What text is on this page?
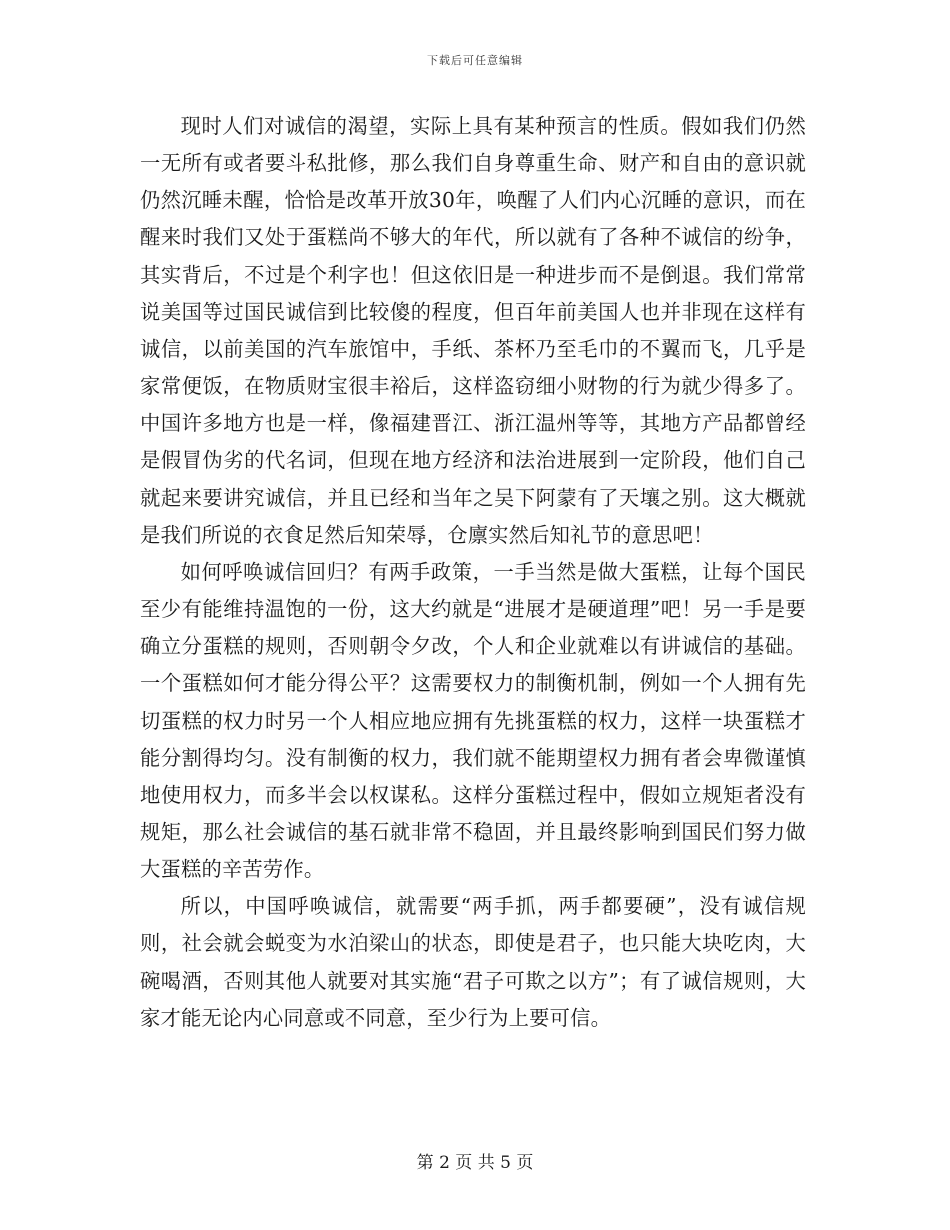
下载后可任意编辑

现时人们对诚信的渴望，实际上具有某种预言的性质。假如我们仍然一无所有或者要斗私批修，那么我们自身尊重生命、财产和自由的意识就仍然沉睡未醒，恰恰是改革开放30年，唤醒了人们内心沉睡的意识，而在醒来时我们又处于蛋糕尚不够大的年代，所以就有了各种不诚信的纷争，其实背后，不过是个利字也！但这依旧是一种进步而不是倒退。我们常常说美国等过国民诚信到比较傻的程度，但百年前美国人也并非现在这样有诚信，以前美国的汽车旅馆中，手纸、茶杯乃至毛巾的不翼而飞，几乎是家常便饭，在物质财宝很丰裕后，这样盗窃细小财物的行为就少得多了。中国许多地方也是一样，像福建晋江、浙江温州等等，其地方产品都曾经是假冒伪劣的代名词，但现在地方经济和法治进展到一定阶段，他们自己就起来要讲究诚信，并且已经和当年之吴下阿蒙有了天壤之别。这大概就是我们所说的衣食足然后知荣辱，仓廪实然后知礼节的意思吧！

如何呼唤诚信回归？有两手政策，一手当然是做大蛋糕，让每个国民至少有能维持温饱的一份，这大约就是“进展才是硬道理”吧！另一手是要确立分蛋糕的规则，否则朝令夕改，个人和企业就难以有讲诚信的基础。一个蛋糕如何才能分得公平？这需要权力的制衡机制，例如一个人拥有先切蛋糕的权力时另一个人相应地应拥有先挑蛋糕的权力，这样一块蛋糕才能分割得均匀。没有制衡的权力，我们就不能期望权力拥有者会卑微谨慎地使用权力，而多半会以权谋私。这样分蛋糕过程中，假如立规矩者没有规矩，那么社会诚信的基石就非常不稳固，并且最终影响到国民们努力做大蛋糕的辛苦劳作。

所以，中国呼唤诚信，就需要“两手抓，两手都要硬”，没有诚信规则，社会就会蜕变为水泊梁山的状态，即使是君子，也只能大块吃肉，大碗喝酒，否则其他人就要对其实施“君子可欺之以方”；有了诚信规则，大家才能无论内心同意或不同意，至少行为上要可信。

第 2 页 共 5 页
